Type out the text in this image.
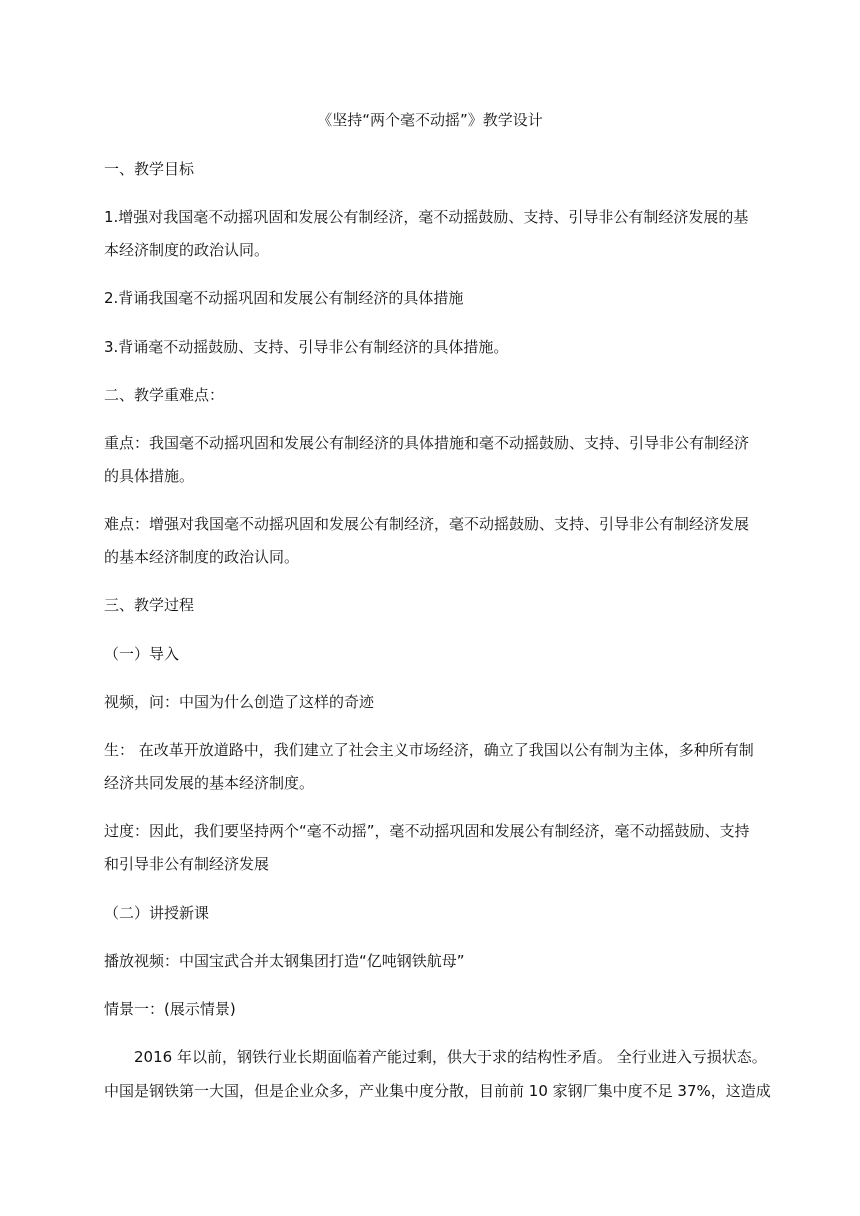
《坚持“两个毫不动摇”》教学设计
一、教学目标
1.增强对我国毫不动摇巩固和发展公有制经济，毫不动摇鼓励、支持、引导非公有制经济发展的基
本经济制度的政治认同。
2.背诵我国毫不动摇巩固和发展公有制经济的具体措施
3.背诵毫不动摇鼓励、支持、引导非公有制经济的具体措施。
二、教学重难点：
重点：我国毫不动摇巩固和发展公有制经济的具体措施和毫不动摇鼓励、支持、引导非公有制经济
的具体措施。
难点：增强对我国毫不动摇巩固和发展公有制经济，毫不动摇鼓励、支持、引导非公有制经济发展
的基本经济制度的政治认同。
三、教学过程
（一）导入
视频，问：中国为什么创造了这样的奇迹
生： 在改革开放道路中，我们建立了社会主义市场经济，确立了我国以公有制为主体，多种所有制
经济共同发展的基本经济制度。
过度：因此，我们要坚持两个“毫不动摇”，毫不动摇巩固和发展公有制经济，毫不动摇鼓励、支持
和引导非公有制经济发展
（二）讲授新课
播放视频：中国宝武合并太钢集团打造“亿吨钢铁航母”
情景一：(展示情景)
2016 年以前，钢铁行业长期面临着产能过剩，供大于求的结构性矛盾。 全行业进入亏损状态。
中国是钢铁第一大国，但是企业众多，产业集中度分散，目前前 10 家钢厂集中度不足 37%，这造成
